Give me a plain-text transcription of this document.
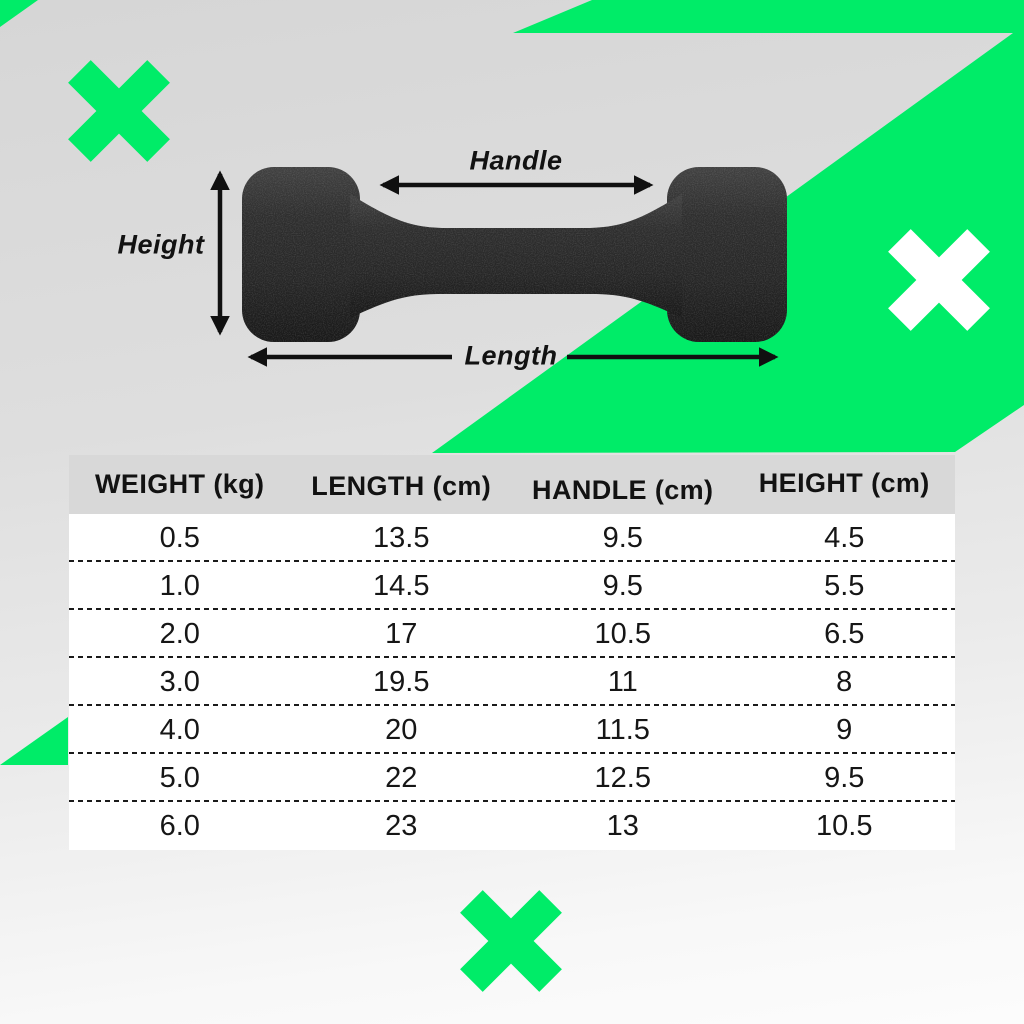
Handle
Height
Length
WEIGHT (kg)	LENGTH (cm)	HANDLE (cm)	HEIGHT (cm)
0.5	13.5	9.5	4.5
1.0	14.5	9.5	5.5
2.0	17	10.5	6.5
3.0	19.5	11	8
4.0	20	11.5	9
5.0	22	12.5	9.5
6.0	23	13	10.5
